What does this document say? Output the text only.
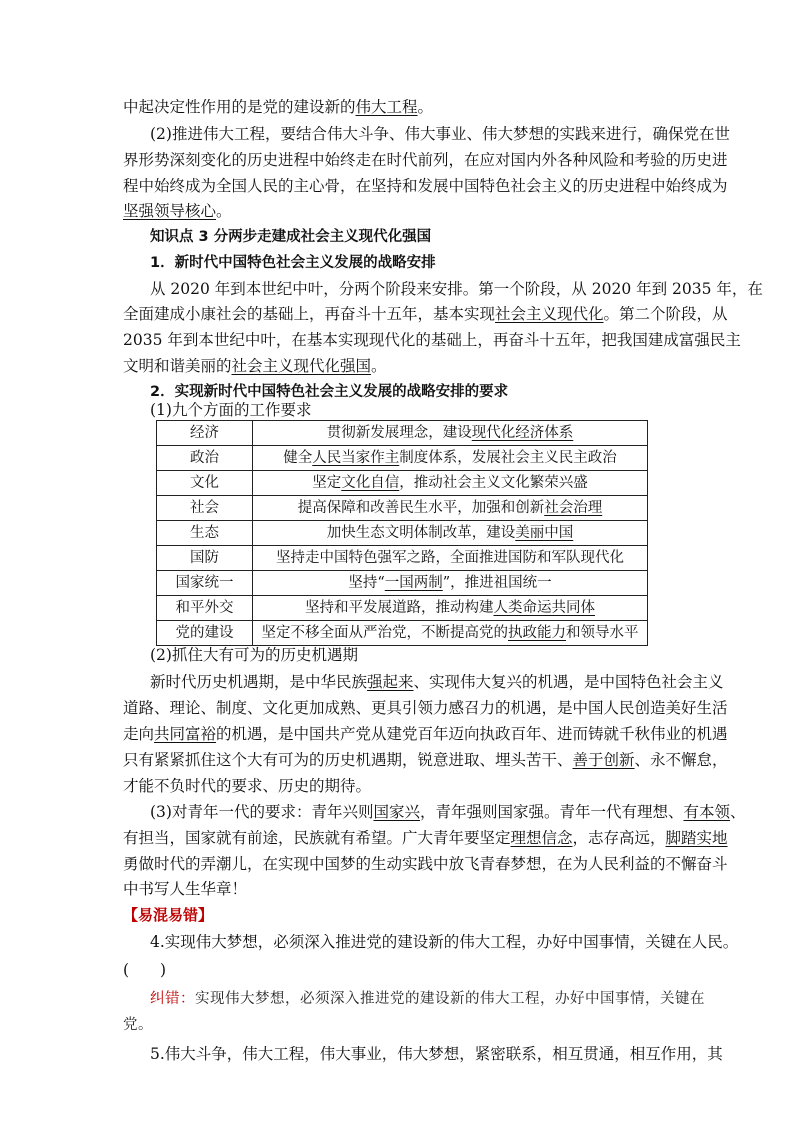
中起决定性作用的是党的建设新的伟大工程。
(2)推进伟大工程，要结合伟大斗争、伟大事业、伟大梦想的实践来进行，确保党在世
界形势深刻变化的历史进程中始终走在时代前列，在应对国内外各种风险和考验的历史进
程中始终成为全国人民的主心骨，在坚持和发展中国特色社会主义的历史进程中始终成为
坚强领导核心。
知识点 3 分两步走建成社会主义现代化强国
1．新时代中国特色社会主义发展的战略安排
从 2020 年到本世纪中叶，分两个阶段来安排。第一个阶段，从 2020 年到 2035 年，在
全面建成小康社会的基础上，再奋斗十五年，基本实现社会主义现代化。第二个阶段，从
2035 年到本世纪中叶，在基本实现现代化的基础上，再奋斗十五年，把我国建成富强民主
文明和谐美丽的社会主义现代化强国。
2．实现新时代中国特色社会主义发展的战略安排的要求
(1)九个方面的工作要求
经济	贯彻新发展理念，建设现代化经济体系
政治	健全人民当家作主制度体系，发展社会主义民主政治
文化	坚定文化自信，推动社会主义文化繁荣兴盛
社会	提高保障和改善民生水平，加强和创新社会治理
生态	加快生态文明体制改革，建设美丽中国
国防	坚持走中国特色强军之路，全面推进国防和军队现代化
国家统一	坚持“一国两制”，推进祖国统一
和平外交	坚持和平发展道路，推动构建人类命运共同体
党的建设	坚定不移全面从严治党，不断提高党的执政能力和领导水平
(2)抓住大有可为的历史机遇期
新时代历史机遇期，是中华民族强起来、实现伟大复兴的机遇，是中国特色社会主义
道路、理论、制度、文化更加成熟、更具引领力感召力的机遇，是中国人民创造美好生活
走向共同富裕的机遇，是中国共产党从建党百年迈向执政百年、进而铸就千秋伟业的机遇
只有紧紧抓住这个大有可为的历史机遇期，锐意进取、埋头苦干、善于创新、永不懈怠，
才能不负时代的要求、历史的期待。
(3)对青年一代的要求：青年兴则国家兴，青年强则国家强。青年一代有理想、有本领、
有担当，国家就有前途，民族就有希望。广大青年要坚定理想信念，志存高远，脚踏实地
勇做时代的弄潮儿，在实现中国梦的生动实践中放飞青春梦想，在为人民利益的不懈奋斗
中书写人生华章！
【易混易错】
4.实现伟大梦想，必须深入推进党的建设新的伟大工程，办好中国事情，关键在人民。
(　　)
纠错：实现伟大梦想，必须深入推进党的建设新的伟大工程，办好中国事情，关键在
党。
5.伟大斗争，伟大工程，伟大事业，伟大梦想，紧密联系，相互贯通，相互作用，其
